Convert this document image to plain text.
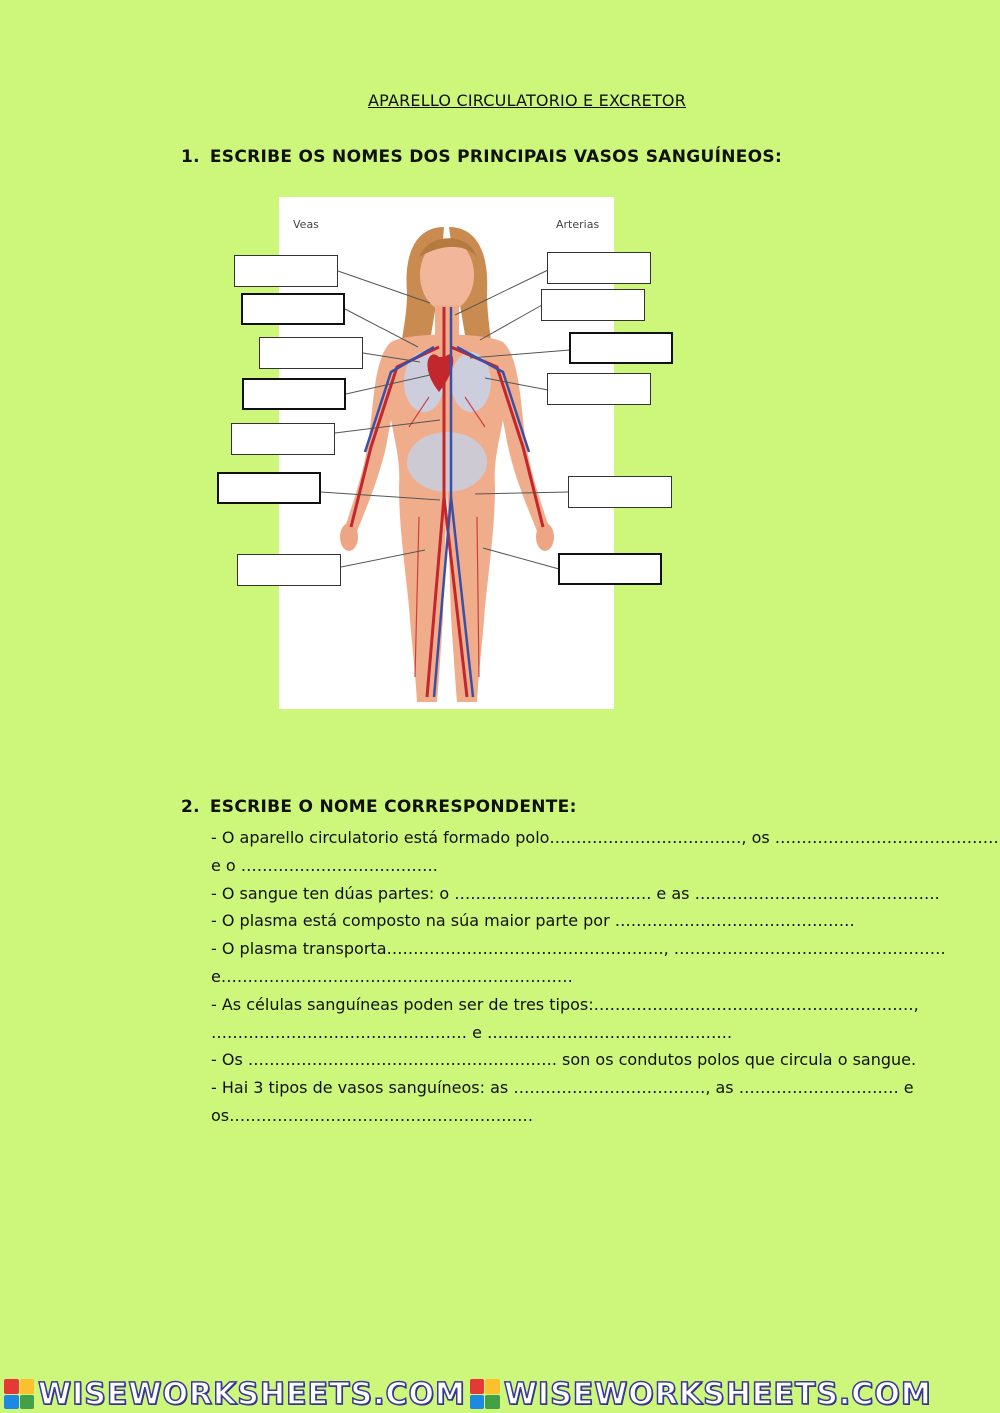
APARELLO CIRCULATORIO E EXCRETOR
1. ESCRIBE OS NOMES DOS PRINCIPAIS VASOS SANGUÍNEOS:
Veas	Arterias
2. ESCRIBE O NOME CORRESPONDENTE:
- O aparello circulatorio está formado polo………………………………, os ……………………………………
e o ……………………………….
- O sangue ten dúas partes: o ………………………………. e as ……………………………………….
- O plasma está composto na súa maior parte por ………………………………………
- O plasma transporta……………………………………………., ……………………………………………
e…………………………………………………………
- As células sanguíneas poden ser de tres tipos:……………………………………………………,
………………………………………… e ……………………………………….
- Os …………………………………………………. son os condutos polos que circula o sangue.
- Hai 3 tipos de vasos sanguíneos: as ………………………………, as ………………………… e
os…………………………………………………
WISEWORKSHEETS.COM WISEWORKSHEETS.COM
